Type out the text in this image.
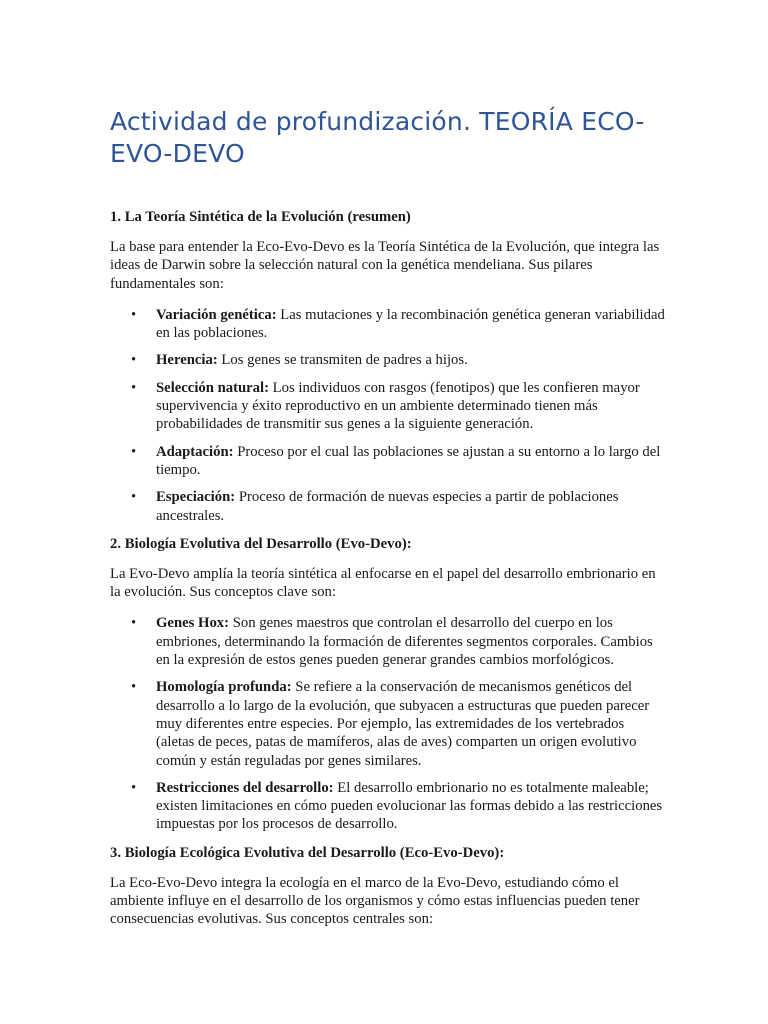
Actividad de profundización. TEORÍA ECO-EVO-DEVO

1. La Teoría Sintética de la Evolución (resumen)

La base para entender la Eco-Evo-Devo es la Teoría Sintética de la Evolución, que integra las ideas de Darwin sobre la selección natural con la genética mendeliana. Sus pilares fundamentales son:

• Variación genética: Las mutaciones y la recombinación genética generan variabilidad en las poblaciones.
• Herencia: Los genes se transmiten de padres a hijos.
• Selección natural: Los individuos con rasgos (fenotipos) que les confieren mayor supervivencia y éxito reproductivo en un ambiente determinado tienen más probabilidades de transmitir sus genes a la siguiente generación.
• Adaptación: Proceso por el cual las poblaciones se ajustan a su entorno a lo largo del tiempo.
• Especiación: Proceso de formación de nuevas especies a partir de poblaciones ancestrales.

2. Biología Evolutiva del Desarrollo (Evo-Devo):

La Evo-Devo amplía la teoría sintética al enfocarse en el papel del desarrollo embrionario en la evolución. Sus conceptos clave son:

• Genes Hox: Son genes maestros que controlan el desarrollo del cuerpo en los embriones, determinando la formación de diferentes segmentos corporales. Cambios en la expresión de estos genes pueden generar grandes cambios morfológicos.
• Homología profunda: Se refiere a la conservación de mecanismos genéticos del desarrollo a lo largo de la evolución, que subyacen a estructuras que pueden parecer muy diferentes entre especies. Por ejemplo, las extremidades de los vertebrados (aletas de peces, patas de mamíferos, alas de aves) comparten un origen evolutivo común y están reguladas por genes similares.
• Restricciones del desarrollo: El desarrollo embrionario no es totalmente maleable; existen limitaciones en cómo pueden evolucionar las formas debido a las restricciones impuestas por los procesos de desarrollo.

3. Biología Ecológica Evolutiva del Desarrollo (Eco-Evo-Devo):

La Eco-Evo-Devo integra la ecología en el marco de la Evo-Devo, estudiando cómo el ambiente influye en el desarrollo de los organismos y cómo estas influencias pueden tener consecuencias evolutivas. Sus conceptos centrales son:
